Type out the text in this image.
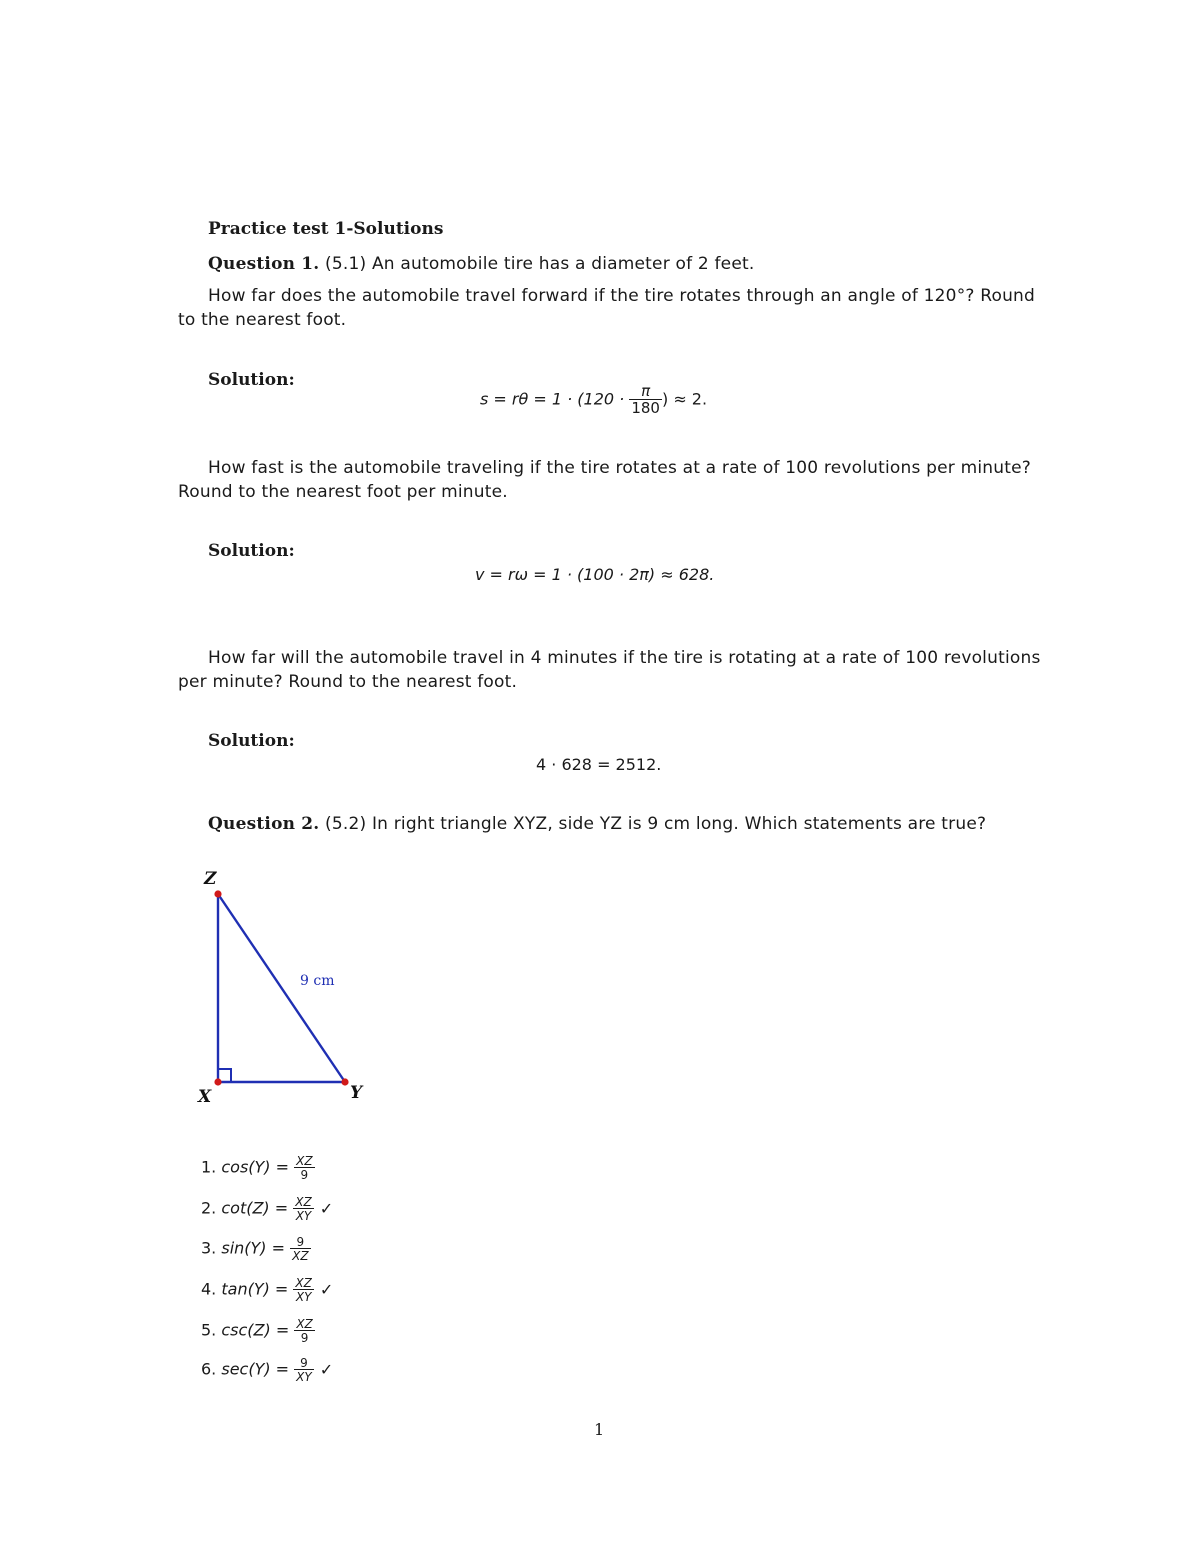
Practice test 1-Solutions
Question 1. (5.1) An automobile tire has a diameter of 2 feet.
How far does the automobile travel forward if the tire rotates through an angle of 120°? Round
to the nearest foot.
Solution:
$s = r\theta = 1 \cdot (120 \cdot \frac{\pi}{180}$ ) ≈ 2.
How fast is the automobile traveling if the tire rotates at a rate of 100 revolutions per minute?
Round to the nearest foot per minute.
Solution:
v = rω = 1 · (100 · 2π) ≈ 628.
How far will the automobile travel in 4 minutes if the tire is rotating at a rate of 100 revolutions
per minute? Round to the nearest foot.
Solution:
4 · 628 = 2512.
Question 2. (5.2) In right triangle XYZ, side YZ is 9 cm long. Which statements are true?
Z
X	Y
9 cm
1. $\cos(Y) = \frac{XZ}{9}$
2. $\cot(Z) = \frac{XZ}{XY}$ ✓
3. $\sin(Y) = \frac{9}{XZ}$
4. $\tan(Y) = \frac{XZ}{XY}$ ✓
5. $\csc(Z) = \frac{XZ}{9}$
6. $\sec(Y) = \frac{9}{XY}$ ✓
1
